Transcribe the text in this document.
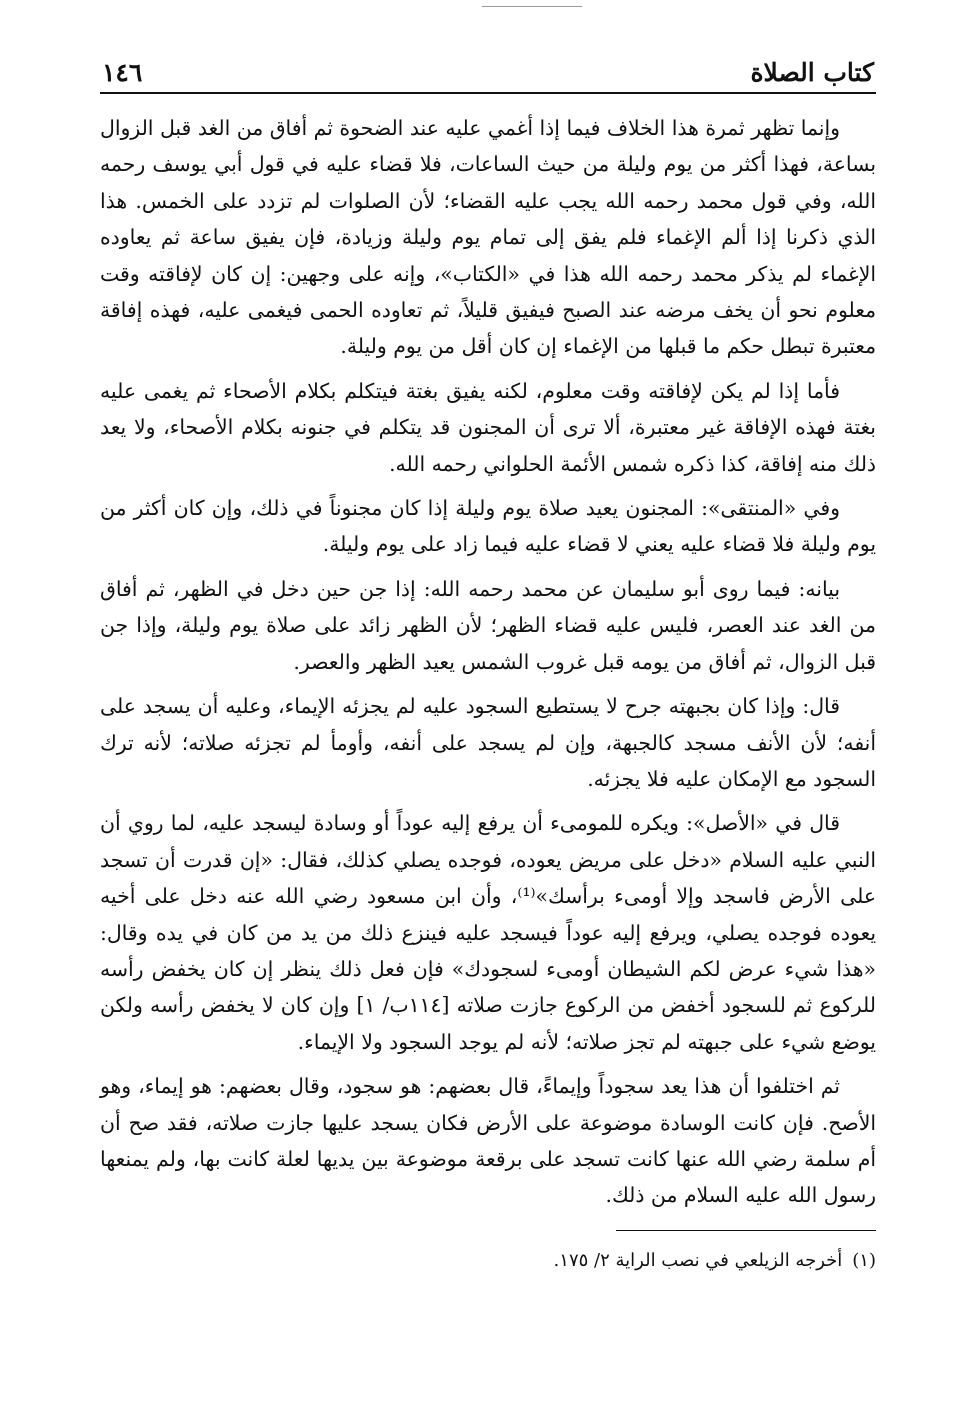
كتاب الصلاة
١٤٦

وإنما تظهر ثمرة هذا الخلاف فيما إذا أغمي عليه عند الضحوة ثم أفاق من الغد قبل الزوال بساعة، فهذا أكثر من يوم وليلة من حيث الساعات، فلا قضاء عليه في قول أبي يوسف رحمه الله، وفي قول محمد رحمه الله يجب عليه القضاء؛ لأن الصلوات لم تزدد على الخمس. هذا الذي ذكرنا إذا ألم الإغماء فلم يفق إلى تمام يوم وليلة وزيادة، فإن يفيق ساعة ثم يعاوده الإغماء لم يذكر محمد رحمه الله هذا في «الكتاب»، وإنه على وجهين: إن كان لإفاقته وقت معلوم نحو أن يخف مرضه عند الصبح فيفيق قليلاً، ثم تعاوده الحمى فيغمى عليه، فهذه إفاقة معتبرة تبطل حكم ما قبلها من الإغماء إن كان أقل من يوم وليلة.

فأما إذا لم يكن لإفاقته وقت معلوم، لكنه يفيق بغتة فيتكلم بكلام الأصحاء ثم يغمى عليه بغتة فهذه الإفاقة غير معتبرة، ألا ترى أن المجنون قد يتكلم في جنونه بكلام الأصحاء، ولا يعد ذلك منه إفاقة، كذا ذكره شمس الأئمة الحلواني رحمه الله.

وفي «المنتقى»: المجنون يعيد صلاة يوم وليلة إذا كان مجنوناً في ذلك، وإن كان أكثر من يوم وليلة فلا قضاء عليه يعني لا قضاء عليه فيما زاد على يوم وليلة.

بيانه: فيما روى أبو سليمان عن محمد رحمه الله: إذا جن حين دخل في الظهر، ثم أفاق من الغد عند العصر، فليس عليه قضاء الظهر؛ لأن الظهر زائد على صلاة يوم وليلة، وإذا جن قبل الزوال، ثم أفاق من يومه قبل غروب الشمس يعيد الظهر والعصر.

قال: وإذا كان بجبهته جرح لا يستطيع السجود عليه لم يجزئه الإيماء، وعليه أن يسجد على أنفه؛ لأن الأنف مسجد كالجبهة، وإن لم يسجد على أنفه، وأومأ لم تجزئه صلاته؛ لأنه ترك السجود مع الإمكان عليه فلا يجزئه.

قال في «الأصل»: ويكره للمومىء أن يرفع إليه عوداً أو وسادة ليسجد عليه، لما روي أن النبي عليه السلام «دخل على مريض يعوده، فوجده يصلي كذلك، فقال: «إن قدرت أن تسجد على الأرض فاسجد وإلا أومىء برأسك»⁽¹⁾، وأن ابن مسعود رضي الله عنه دخل على أخيه يعوده فوجده يصلي، ويرفع إليه عوداً فيسجد عليه فينزع ذلك من يد من كان في يده وقال: «هذا شيء عرض لكم الشيطان أومىء لسجودك» فإن فعل ذلك ينظر إن كان يخفض رأسه للركوع ثم للسجود أخفض من الركوع جازت صلاته [١١٤ب/ ١] وإن كان لا يخفض رأسه ولكن يوضع شيء على جبهته لم تجز صلاته؛ لأنه لم يوجد السجود ولا الإيماء.

ثم اختلفوا أن هذا يعد سجوداً وإيماءً، قال بعضهم: هو سجود، وقال بعضهم: هو إيماء، وهو الأصح. فإن كانت الوسادة موضوعة على الأرض فكان يسجد عليها جازت صلاته، فقد صح أن أم سلمة رضي الله عنها كانت تسجد على برقعة موضوعة بين يديها لعلة كانت بها، ولم يمنعها رسول الله عليه السلام من ذلك.

(١)
أخرجه الزيلعي في نصب الراية ٢/ ١٧٥.
